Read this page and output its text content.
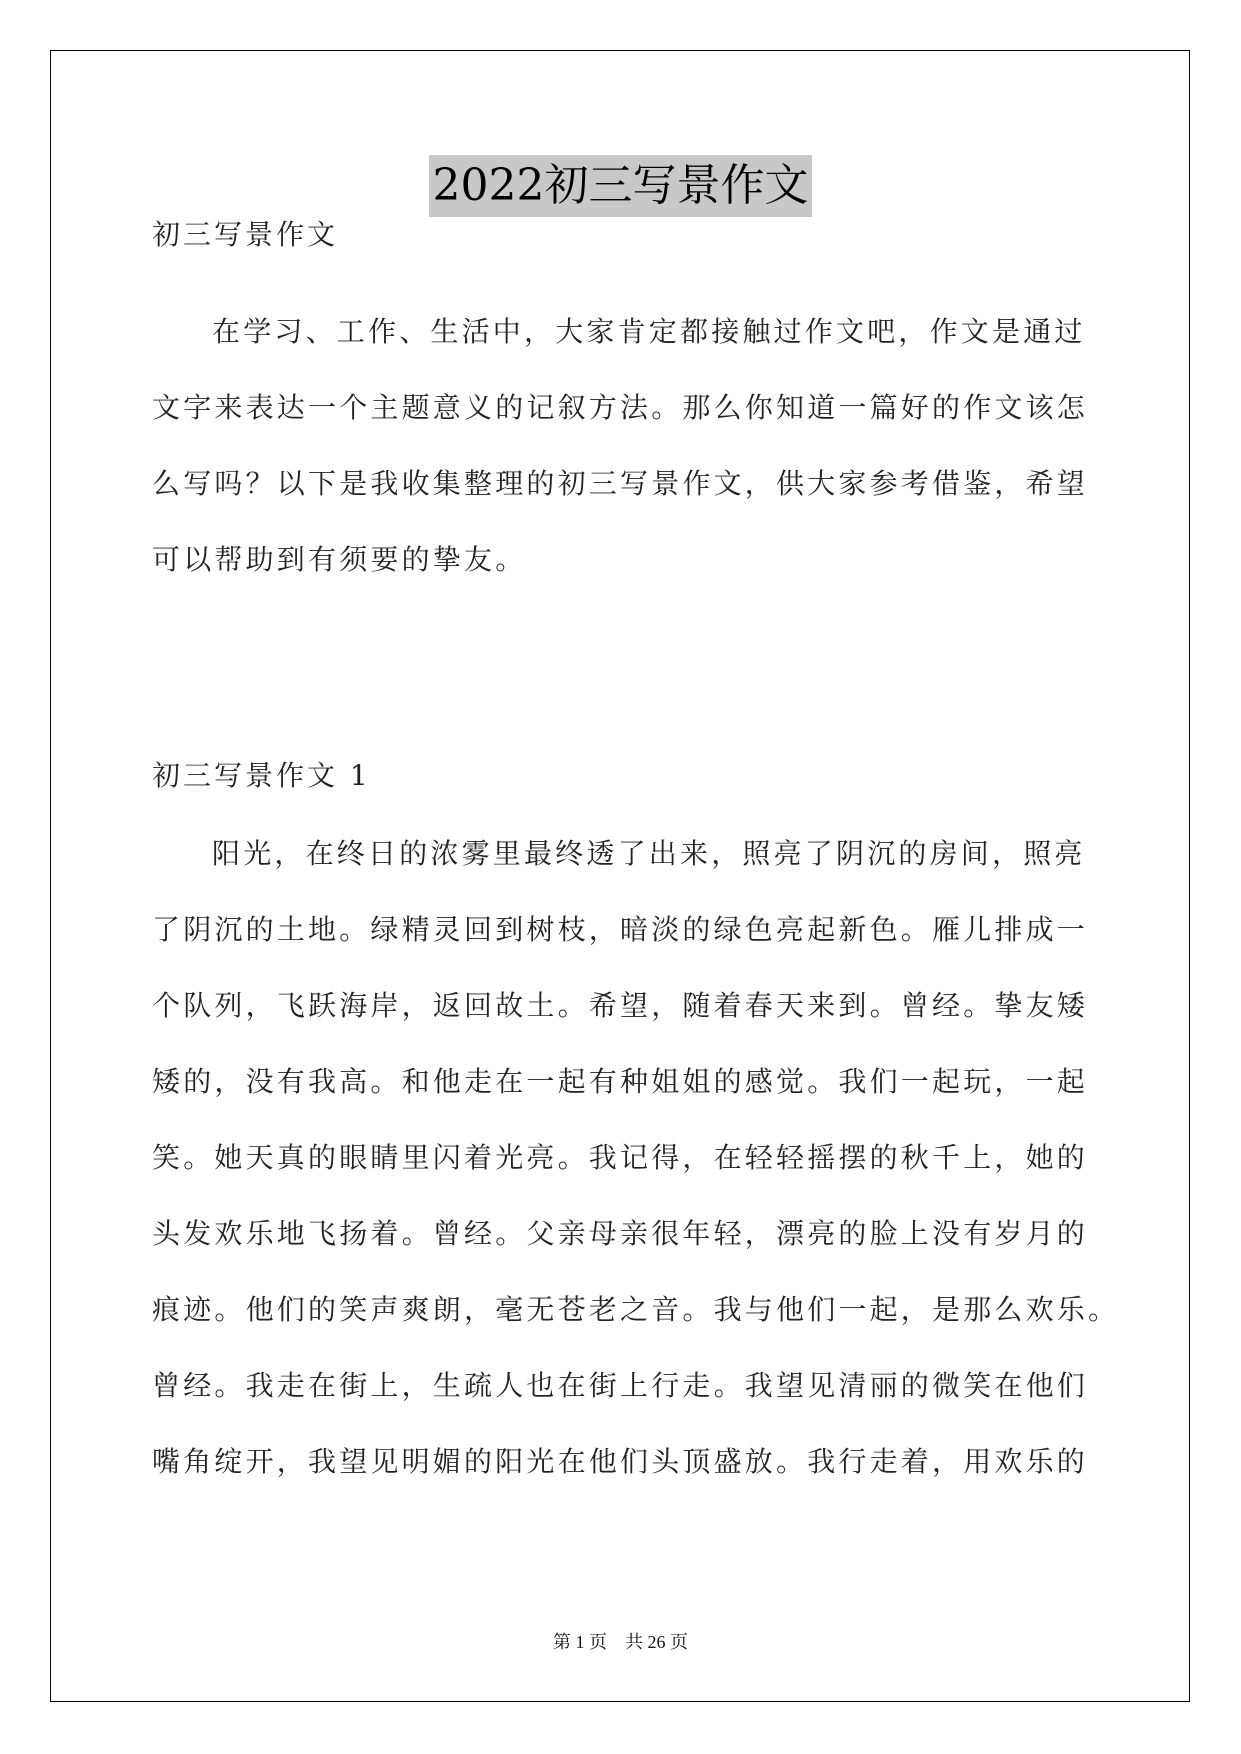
2022初三写景作文
初三写景作文
在学习、工作、生活中，大家肯定都接触过作文吧，作文是通过
文字来表达一个主题意义的记叙方法。那么你知道一篇好的作文该怎
么写吗？以下是我收集整理的初三写景作文，供大家参考借鉴，希望
可以帮助到有须要的挚友。
初三写景作文 1
阳光，在终日的浓雾里最终透了出来，照亮了阴沉的房间，照亮
了阴沉的土地。绿精灵回到树枝，暗淡的绿色亮起新色。雁儿排成一
个队列，飞跃海岸，返回故土。希望，随着春天来到。曾经。挚友矮
矮的，没有我高。和他走在一起有种姐姐的感觉。我们一起玩，一起
笑。她天真的眼睛里闪着光亮。我记得，在轻轻摇摆的秋千上，她的
头发欢乐地飞扬着。曾经。父亲母亲很年轻，漂亮的脸上没有岁月的
痕迹。他们的笑声爽朗，毫无苍老之音。我与他们一起，是那么欢乐。
曾经。我走在街上，生疏人也在街上行走。我望见清丽的微笑在他们
嘴角绽开，我望见明媚的阳光在他们头顶盛放。我行走着，用欢乐的
第 1 页　共 26 页
